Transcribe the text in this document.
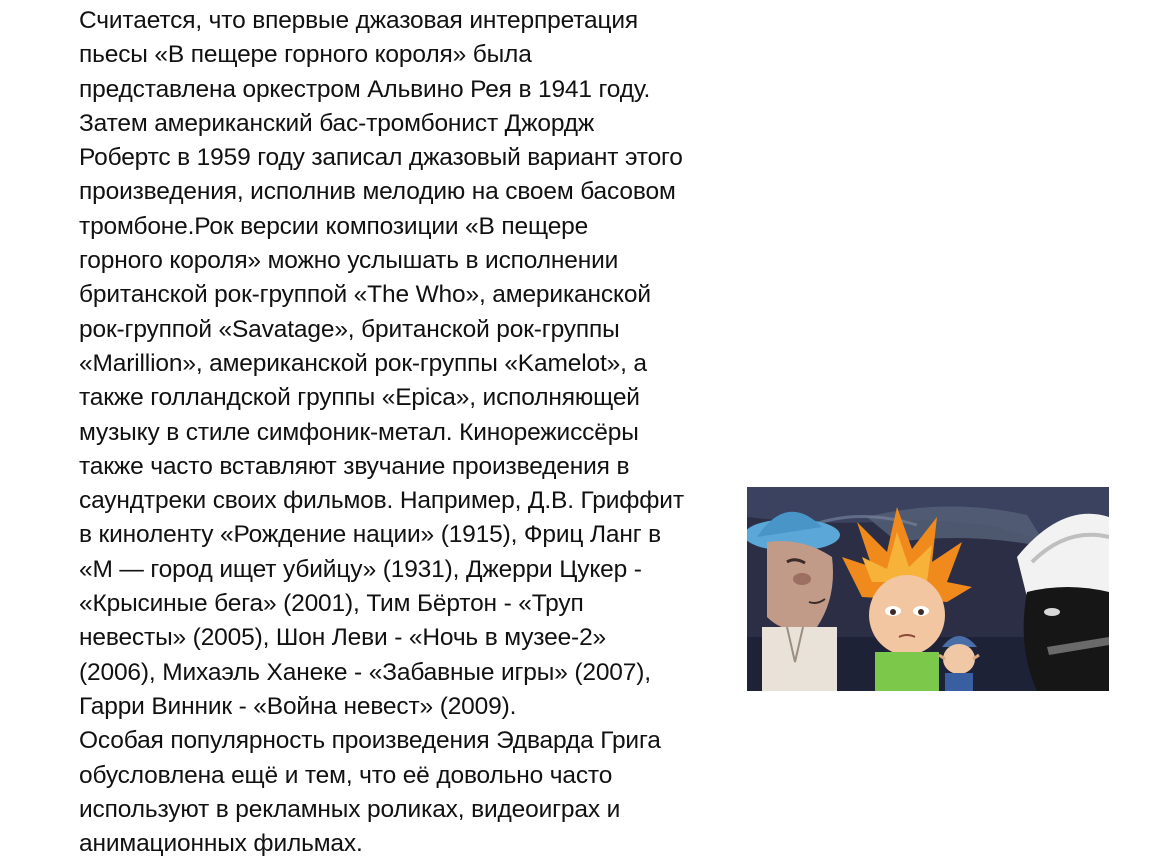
Считается, что впервые джазовая интерпретация
пьесы «В пещере горного короля» была
представлена оркестром Альвино Рея в 1941 году.
Затем американский бас-тромбонист Джордж
Робертс в 1959 году записал джазовый вариант этого
произведения, исполнив мелодию на своем басовом
тромбоне.Рок версии композиции «В пещере
горного короля» можно услышать в исполнении
британской рок-группой «The Who», американской
рок-группой «Savatage», британской рок-группы
«Marillion», американской рок-группы «Kamelot», а
также голландской группы «Epica», исполняющей
музыку в стиле симфоник-метал. Кинорежиссёры
также часто вставляют звучание произведения в
саундтреки своих фильмов. Например, Д.В. Гриффит
в киноленту «Рождение нации» (1915), Фриц Ланг в
«М — город ищет убийцу» (1931), Джерри Цукер -
«Крысиные бега» (2001), Тим Бёртон - «Труп
невесты» (2005), Шон Леви - «Ночь в музее-2»
(2006), Михаэль Ханеке - «Забавные игры» (2007),
Гарри Винник - «Война невест» (2009).
Особая популярность произведения Эдварда Грига
обусловлена ещё и тем, что её довольно часто
используют в рекламных роликах, видеоиграх и
анимационных фильмах.
